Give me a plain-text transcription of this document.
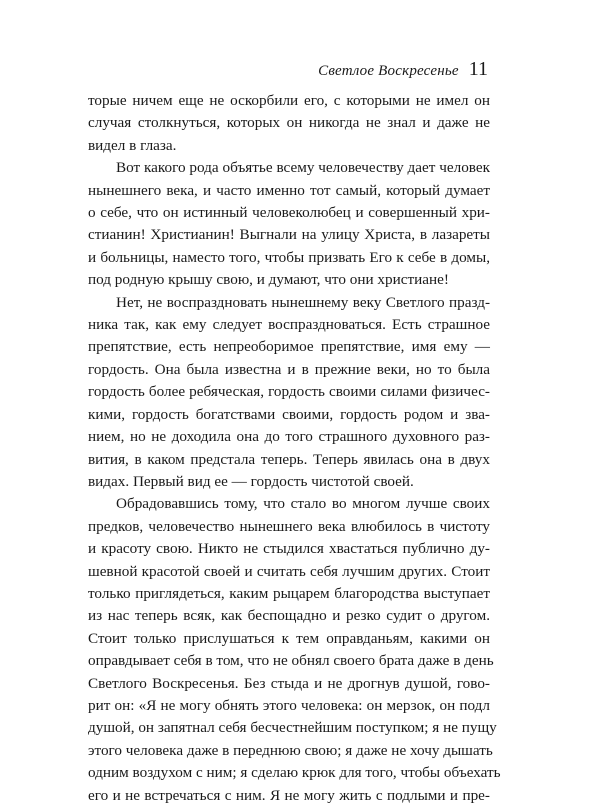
Светлое Воскресенье 11

торые ничем еще не оскорбили его, с которыми не имел он
случая столкнуться, которых он никогда не знал и даже не
видел в глаза.

Вот какого рода объятье всему человечеству дает человек
нынешнего века, и часто именно тот самый, который думает
о себе, что он истинный человеколюбец и совершенный хри-
стианин! Христианин! Выгнали на улицу Христа, в лазареты
и больницы, наместо того, чтобы призвать Его к себе в домы,
под родную крышу свою, и думают, что они христиане!

Нет, не воспраздновать нынешнему веку Светлого празд-
ника так, как ему следует воспраздноваться. Есть страшное
препятствие, есть непреоборимое препятствие, имя ему —
гордость. Она была известна и в прежние веки, но то была
гордость более ребяческая, гордость своими силами физичес-
кими, гордость богатствами своими, гордость родом и зва-
нием, но не доходила она до того страшного духовного раз-
вития, в каком предстала теперь. Теперь явилась она в двух
видах. Первый вид ее — гордость чистотой своей.

Обрадовавшись тому, что стало во многом лучше своих
предков, человечество нынешнего века влюбилось в чистоту
и красоту свою. Никто не стыдился хвастаться публично ду-
шевной красотой своей и считать себя лучшим других. Стоит
только приглядеться, каким рыцарем благородства выступает
из нас теперь всяк, как беспощадно и резко судит о другом.
Стоит только прислушаться к тем оправданьям, какими он
оправдывает себя в том, что не обнял своего брата даже в день
Светлого Воскресенья. Без стыда и не дрогнув душой, гово-
рит он: «Я не могу обнять этого человека: он мерзок, он подл
душой, он запятнал себя бесчестнейшим поступком; я не пущу
этого человека даже в переднюю свою; я даже не хочу дышать
одним воздухом с ним; я сделаю крюк для того, чтобы объехать
его и не встречаться с ним. Я не могу жить с подлыми и пре-
